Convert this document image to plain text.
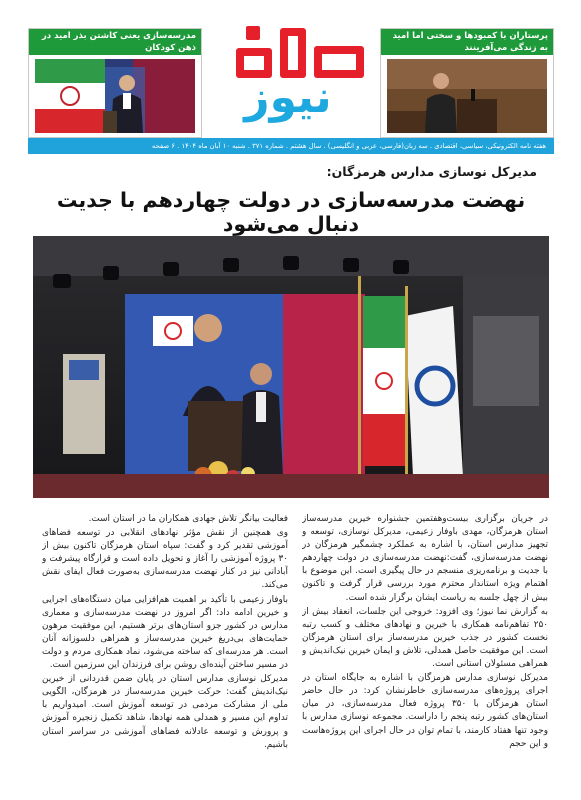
مدرسه‌سازی یعنی کاشتن بذر امید در ذهن کودکان
نما
نیوز
پرستاران با کمبودها و سختی اما امید به زندگی می‌آفرینند
هفته نامه الکترونیکی، سیاسی، اقتصادی . سه زبان(فارسی، عربی و انگلیسی) . سال هشتم . شماره ۳۷۱ . شنبه ۱۰ آبان ماه ۱۴۰۴ . ۶ صفحه
مدیرکل نوسازی مدارس هرمزگان:
نهضت مدرسه‌سازی در دولت چهاردهم با جدیت دنبال می‌شود

در جریان برگزاری بیست‌وهفتمین جشنواره خیرین مدرسه‌ساز استان هرمزگان، مهدی باوفار زعیمی، مدیرکل نوسازی، توسعه و تجهیز مدارس استان، با اشاره به عملکرد چشمگیر هرمزگان در نهضت مدرسه‌سازی، گفت:نهضت مدرسه‌سازی در دولت چهاردهم با جدیت و برنامه‌ریزی منسجم در حال پیگیری است. این موضوع با اهتمام ویژه استاندار محترم مورد بررسی قرار گرفت و تاکنون بیش از چهل جلسه به ریاست ایشان برگزار شده است.

به گزارش نما نیوز؛ وی افزود: خروجی این جلسات، انعقاد بیش از ۲۵۰ تفاهم‌نامه همکاری با خیرین و نهادهای مختلف و کسب رتبه نخست کشور در جذب خیرین مدرسه‌ساز برای استان هرمزگان است. این موفقیت حاصل همدلی، تلاش و ایمان خیرین نیک‌اندیش و همراهی مسئولان استانی است.

مدیرکل نوسازی مدارس هرمزگان با اشاره به جایگاه استان در اجرای پروژه‌های مدرسه‌سازی خاطرنشان کرد: در حال حاضر استان هرمزگان با ۳۵۰ پروژه فعال مدرسه‌سازی، در میان استان‌های کشور رتبه پنجم را داراست. مجموعه نوسازی مدارس با وجود تنها هفتاد کارمند، با تمام توان در حال اجرای این پروژه‌هاست و این حجم

فعالیت بیانگر تلاش جهادی همکاران ما در استان است.

وی همچنین از نقش مؤثر نهادهای انقلابی در توسعه فضاهای آموزشی تقدیر کرد و گفت: سپاه استان هرمزگان تاکنون بیش از ۳۰ پروژه آموزشی را آغاز و تحویل داده است و قرارگاه پیشرفت و آبادانی نیز در کنار نهضت مدرسه‌سازی به‌صورت فعال ایفای نقش می‌کند.

باوفار زعیمی با تأکید بر اهمیت هم‌افزایی میان دستگاه‌های اجرایی و خیرین ادامه داد: اگر امروز در نهضت مدرسه‌سازی و معماری مدارس در کشور جزو استان‌های برتر هستیم، این موفقیت مرهون حمایت‌های بی‌دریغ خیرین مدرسه‌ساز و همراهی دلسوزانه آنان است. هر مدرسه‌ای که ساخته می‌شود، نماد همکاری مردم و دولت در مسیر ساختن آینده‌ای روشن برای فرزندان این سرزمین است.

مدیرکل نوسازی مدارس استان در پایان ضمن قدردانی از خیرین نیک‌اندیش گفت: حرکت خیرین مدرسه‌ساز در هرمزگان، الگویی ملی از مشارکت مردمی در توسعه آموزش است. امیدواریم با تداوم این مسیر و همدلی همه نهادها، شاهد تکمیل زنجیره آموزش و پرورش و توسعه عادلانه فضاهای آموزشی در سراسر استان باشیم.
